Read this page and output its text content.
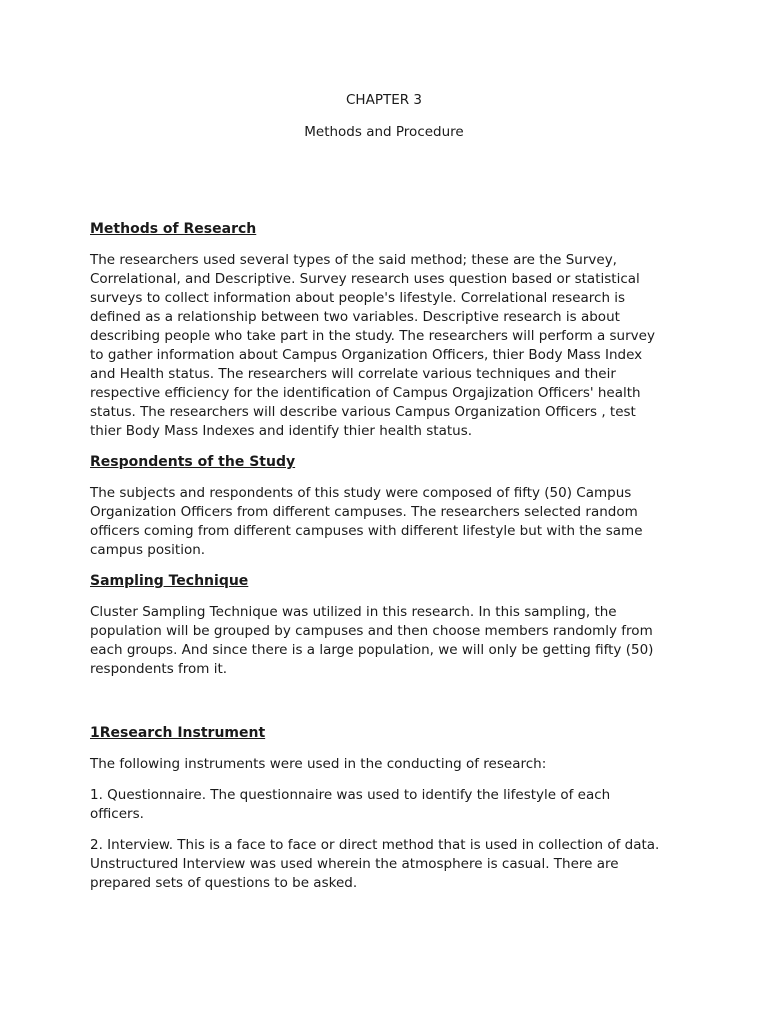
CHAPTER 3

Methods and Procedure

Methods of Research

The researchers used several types of the said method; these are the Survey,
Correlational, and Descriptive. Survey research uses question based or statistical
surveys to collect information about people's lifestyle. Correlational research is
defined as a relationship between two variables. Descriptive research is about
describing people who take part in the study. The researchers will perform a survey
to gather information about Campus Organization Officers, thier Body Mass Index
and Health status. The researchers will correlate various techniques and their
respective efficiency for the identification of Campus Orgajization Officers' health
status. The researchers will describe various Campus Organization Officers , test
thier Body Mass Indexes and identify thier health status.

Respondents of the Study

The subjects and respondents of this study were composed of fifty (50) Campus
Organization Officers from different campuses. The researchers selected random
officers coming from different campuses with different lifestyle but with the same
campus position.

Sampling Technique

Cluster Sampling Technique was utilized in this research. In this sampling, the
population will be grouped by campuses and then choose members randomly from
each groups. And since there is a large population, we will only be getting fifty (50)
respondents from it.

1Research Instrument

The following instruments were used in the conducting of research:

1. Questionnaire. The questionnaire was used to identify the lifestyle of each
officers.

2. Interview. This is a face to face or direct method that is used in collection of data.
Unstructured Interview was used wherein the atmosphere is casual. There are
prepared sets of questions to be asked.
